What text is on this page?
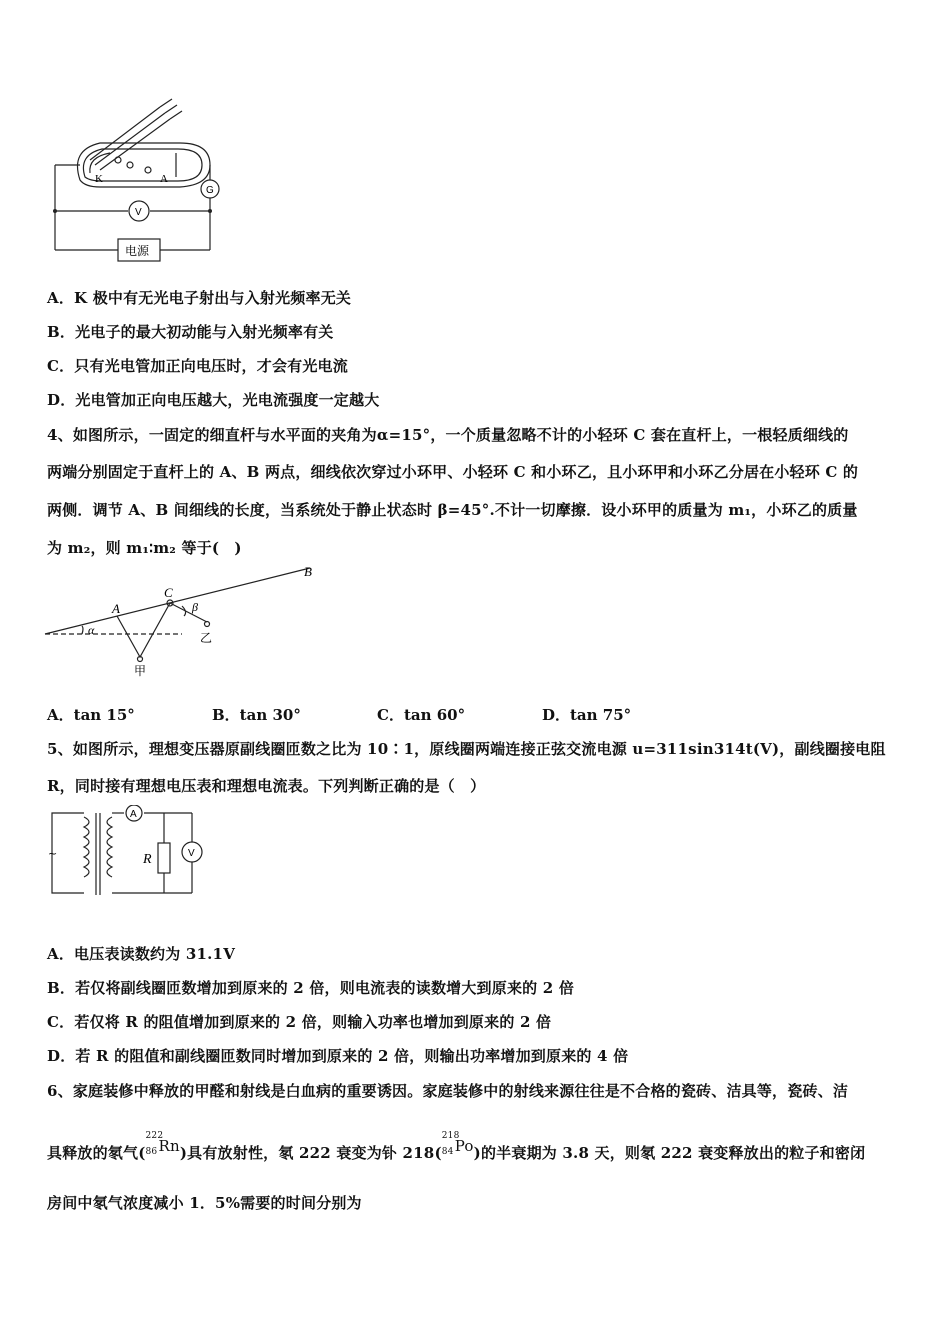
K	A
G
V
电源
A．K 极中有无光电子射出与入射光频率无关
B．光电子的最大初动能与入射光频率有关
C．只有光电管加正向电压时，才会有光电流
D．光电管加正向电压越大，光电流强度一定越大
4、如图所示，一固定的细直杆与水平面的夹角为α=15°，一个质量忽略不计的小轻环 C 套在直杆上，一根轻质细线的
两端分别固定于直杆上的 A、B 两点，细线依次穿过小环甲、小轻环 C 和小环乙，且小环甲和小环乙分居在小轻环 C 的
两侧．调节 A、B 间细线的长度，当系统处于静止状态时 β=45°.不计一切摩擦．设小环甲的质量为 m₁，小环乙的质量
为 m₂，则 m₁∶m₂ 等于(　)
A
B
C
α
β
甲
乙
A．tan 15°	B．tan 30°	C．tan 60°	D．tan 75°
5、如图所示，理想变压器原副线圈匝数之比为 10∶1，原线圈两端连接正弦交流电源 u=311sin314t(V)，副线圈接电阻
R，同时接有理想电压表和理想电流表。下列判断正确的是（　）
~
A
R	V
A．电压表读数约为 31.1V
B．若仅将副线圈匝数增加到原来的 2 倍，则电流表的读数增大到原来的 2 倍
C．若仅将 R 的阻值增加到原来的 2 倍，则输入功率也增加到原来的 2 倍
D．若 R 的阻值和副线圈匝数同时增加到原来的 2 倍，则输出功率增加到原来的 4 倍
6、家庭装修中释放的甲醛和射线是白血病的重要诱因。家庭装修中的射线来源往往是不合格的瓷砖、洁具等，瓷砖、洁
具释放的氡气(
222
86 Rn)具有放射性，氡 222 衰变为钋 218(
218
84 Po)的半衰期为 3.8 天，则氡 222 衰变释放出的粒子和密闭
房间中氡气浓度减小 1．5%需要的时间分别为
